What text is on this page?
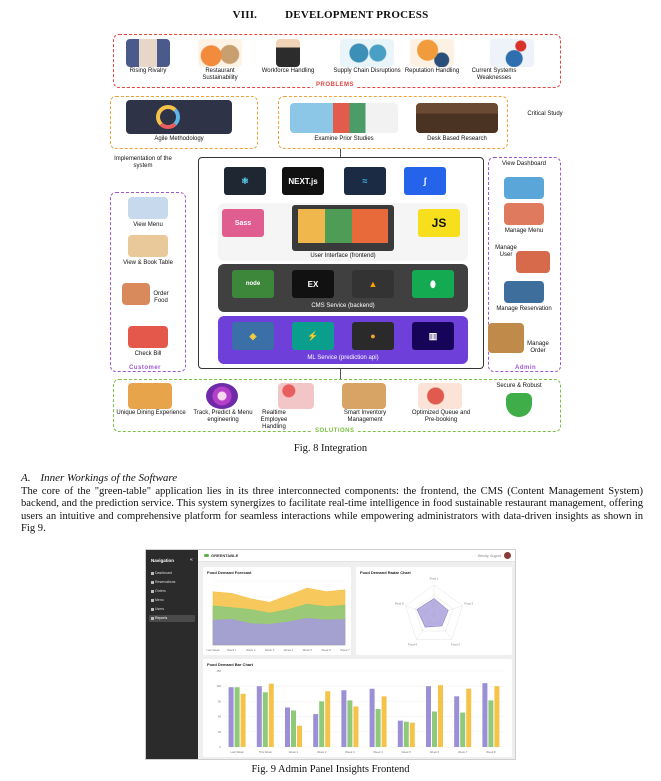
VIII.	DEVELOPMENT PROCESS
Rising Rivalry	Restaurant Sustainability
Workforce Handling	Supply Chain Disruptions Reputation Handling	Current Systems Weaknesses
PROBLEMS
Critical Study
Agile Methodology	Examine Prior Studies	Desk Based Research
Implementation of the system
⚛	NEXT.js	≈	ʃ
Sass	JS
User Interface (frontend)
node	EX	▲	⬮
CMS Service (backend)
◈	⚡	●	▥
ML Service (prediction api)
View Menu
View & Book Table
Order Food
Check Bill
Customer
View Dashboard
Manage Menu
Manage User
Manage Reservation
Manage Order
Admin
Unique Dining Experience	Track, Predict & Menu engineering
Realtime Employee Handling
Smart Inventory Management
Optimized Queue and Pre-booking
Secure & Robust
SOLUTIONS
Fig. 8 Integration
A. Inner Workings of the Software
The core of the "green-table" application lies in its three interconnected components: the frontend, the CMS (Content Management System) backend, and the prediction service. This system synergizes to facilitate real-time intelligence in food sustainable restaurant management, offering users an intuitive and comprehensive platform for seamless interactions while empowering administrators with data-driven insights as shown in Fig 9.
Navigation	«
Dashboard
Reservations
Orders
Menu
Users
Reports
GREENTABLE	Wendy, August
Food Demand Forecast
Last Week	Week 1	Week 2	Week 3	Week 4	Week 5	Week 6	Week 7
Food Demand Radar Chart
Food 1
Food 2
Food 3
Food 4
Food 5
Food Demand Bar Chart
0
30
60
90
120
150
Last Week	This Week	Week 1	Week 2	Week 3	Week 4	Week 5	Week 6	Week 7	Week 8
Fig. 9 Admin Panel Insights Frontend
